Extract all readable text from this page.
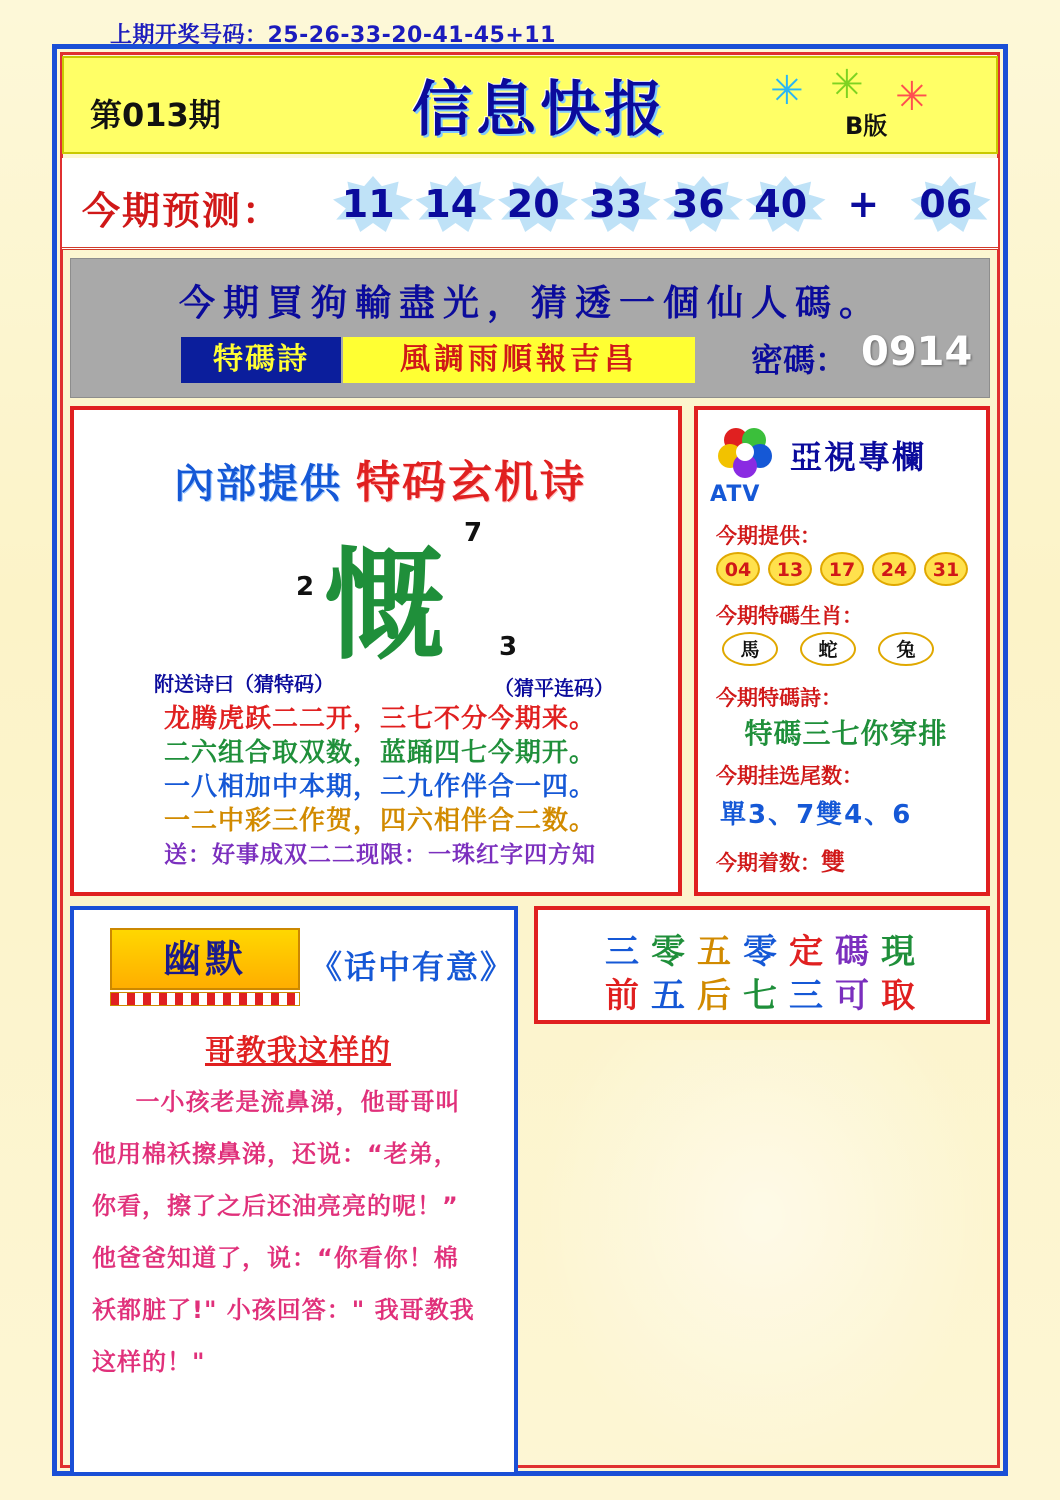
上期开奖号码：25-26-33-20-41-45+11
第013期	信息快报	✳ ✳ ✳
B版
今期预测：	11 14 20 33 36 40	+	06
今期買狗輸盡光，猜透一個仙人碼。
特碼詩	風調雨順報吉昌	密碼： 0914
內部提供 特码玄机诗
慨
7
2
3
附送诗曰（猜特码）	（猜平连码）
龙腾虎跃二二开，三七不分今期来。
二六组合取双数，蓝踊四七今期开。
一八相加中本期，二九作伴合一四。
一二中彩三作贺，四六相伴合二数。
送：好事成双二二现限：一珠红字四方知
ATV
亞視專欄
今期提供：
04	13	17	24	31
今期特碼生肖：
馬	蛇	兔
今期特碼詩：
特碼三七你穿排
今期挂选尾数：
單3、7雙4、6
今期着数：雙
幽默	《话中有意》
哥教我这样的
一小孩老是流鼻涕，他哥哥叫
他用棉袄擦鼻涕，还说：“老弟，
你看，擦了之后还油亮亮的呢！”
他爸爸知道了，说：“你看你！棉
袄都脏了!" 小孩回答：" 我哥教我
这样的！"
三零五零定碼現
前五后七三可取
